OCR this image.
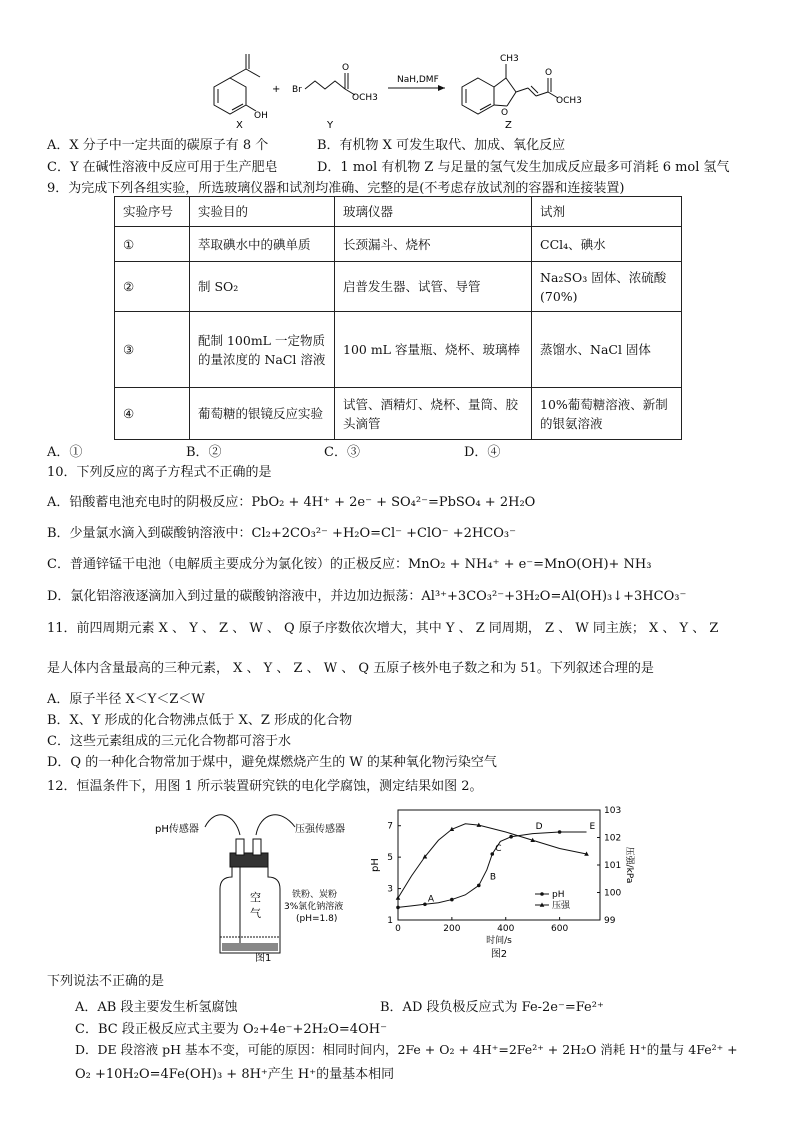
OH
+ Br
O
OCH3
NaH,DMF
CH3
O
O
OCH3
X	Y	Z
A．X 分子中一定共面的碳原子有 8 个	B．有机物 X 可发生取代、加成、氧化反应
C．Y 在碱性溶液中反应可用于生产肥皂	D．1 mol 有机物 Z 与足量的氢气发生加成反应最多可消耗 6 mol 氢气
9．为完成下列各组实验，所选玻璃仪器和试剂均准确、完整的是(不考虑存放试剂的容器和连接装置)
实验序号	实验目的	玻璃仪器	试剂
①	萃取碘水中的碘单质	长颈漏斗、烧杯	CCl₄、碘水
②	制 SO₂	启普发生器、试管、导管	Na₂SO₃ 固体、浓硫酸(70%)
③	配制 100mL 一定物质的量浓度的 NaCl 溶液	100 mL 容量瓶、烧杯、玻璃棒	蒸馏水、NaCl 固体
④	葡萄糖的银镜反应实验	试管、酒精灯、烧杯、量筒、胶头滴管	10%葡萄糖溶液、新制的银氨溶液
A．①	B．②	C．③	D．④
10．下列反应的离子方程式不正确的是
A．铅酸蓄电池充电时的阴极反应：PbO₂ + 4H⁺ + 2e⁻ + SO₄²⁻=PbSO₄ + 2H₂O
B．少量氯水滴入到碳酸钠溶液中：Cl₂+2CO₃²⁻ +H₂O=Cl⁻ +ClO⁻ +2HCO₃⁻
C．普通锌锰干电池（电解质主要成分为氯化铵）的正极反应：MnO₂ + NH₄⁺ + e⁻=MnO(OH)+ NH₃
D．氯化铝溶液逐滴加入到过量的碳酸钠溶液中，并边加边振荡：Al³⁺+3CO₃²⁻+3H₂O=Al(OH)₃↓+3HCO₃⁻
11．前四周期元素 X 、 Y 、 Z 、 W 、 Q 原子序数依次增大，其中 Y 、 Z 同周期， Z 、 W 同主族； X 、 Y 、 Z
是人体内含量最高的三种元素， X 、 Y 、 Z 、 W 、 Q 五原子核外电子数之和为 51。下列叙述合理的是
A．原子半径 X＜Y＜Z＜W
B．X、Y 形成的化合物沸点低于 X、Z 形成的化合物
C．这些元素组成的三元化合物都可溶于水
D．Q 的一种化合物常加于煤中，避免煤燃烧产生的 W 的某种氧化物污染空气
12．恒温条件下，用图 1 所示装置研究铁的电化学腐蚀，测定结果如图 2。
pH传感器	压强传感器
空
气
铁粉、炭粉
3%氯化钠溶液
(pH=1.8)
图1
0	200	400	600
1
3
5
7
99
100
101
102
103
时间/s
pH	压强/kPa
A
B
C
D	E
pH
压强
图2
下列说法不正确的是
A．AB 段主要发生析氢腐蚀	B．AD 段负极反应式为 Fe-2e⁻=Fe²⁺
C．BC 段正极反应式主要为 O₂+4e⁻+2H₂O=4OH⁻
D．DE 段溶液 pH 基本不变，可能的原因：相同时间内，2Fe + O₂ + 4H⁺=2Fe²⁺ + 2H₂O 消耗 H⁺的量与 4Fe²⁺ +
O₂ +10H₂O=4Fe(OH)₃ + 8H⁺产生 H⁺的量基本相同
